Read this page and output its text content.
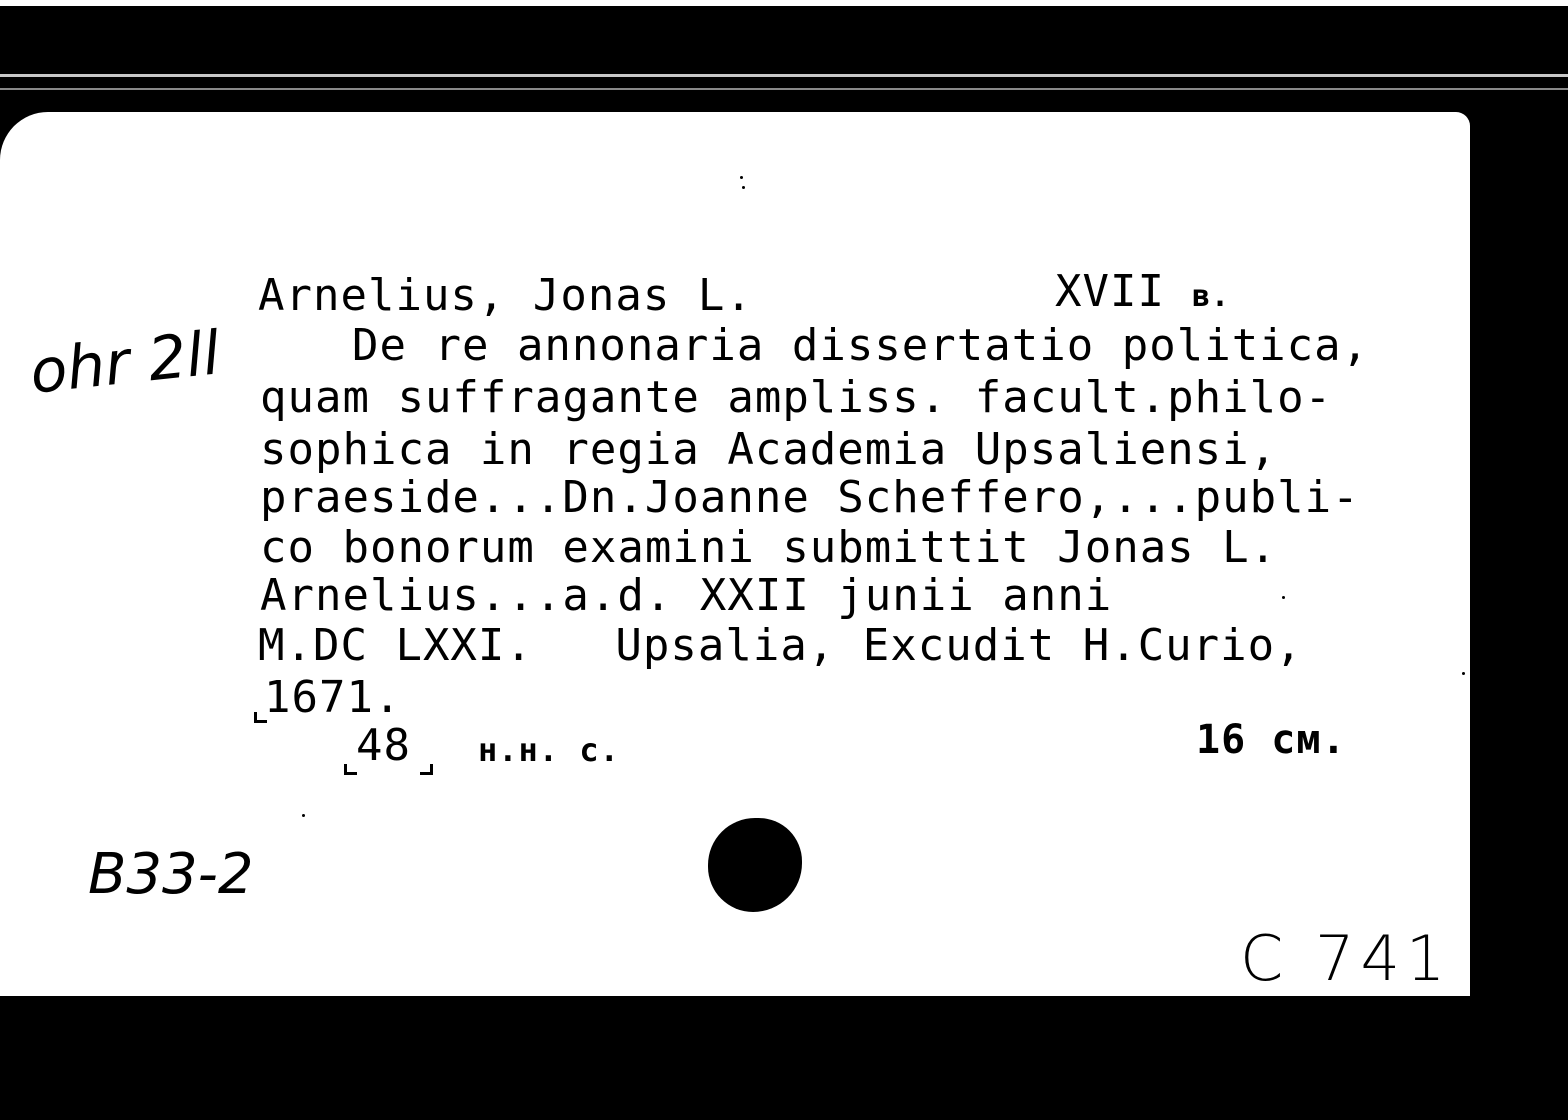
Arnelius, Jonas L.	XVII в.
De re annonaria dissertatio politica,
quam suffragante ampliss. facult.philo-
sophica in regia Academia Upsaliensi,
praeside...Dn.Joanne Scheffero,...publi-
co bonorum examini submittit Jonas L.
Arnelius...a.d. XXII junii anni
M.DC LXXI.   Upsalia, Excudit H.Curio,
1671.
48 н.н. с.	16 см.
ohr 2ll
B33-2
C 741
